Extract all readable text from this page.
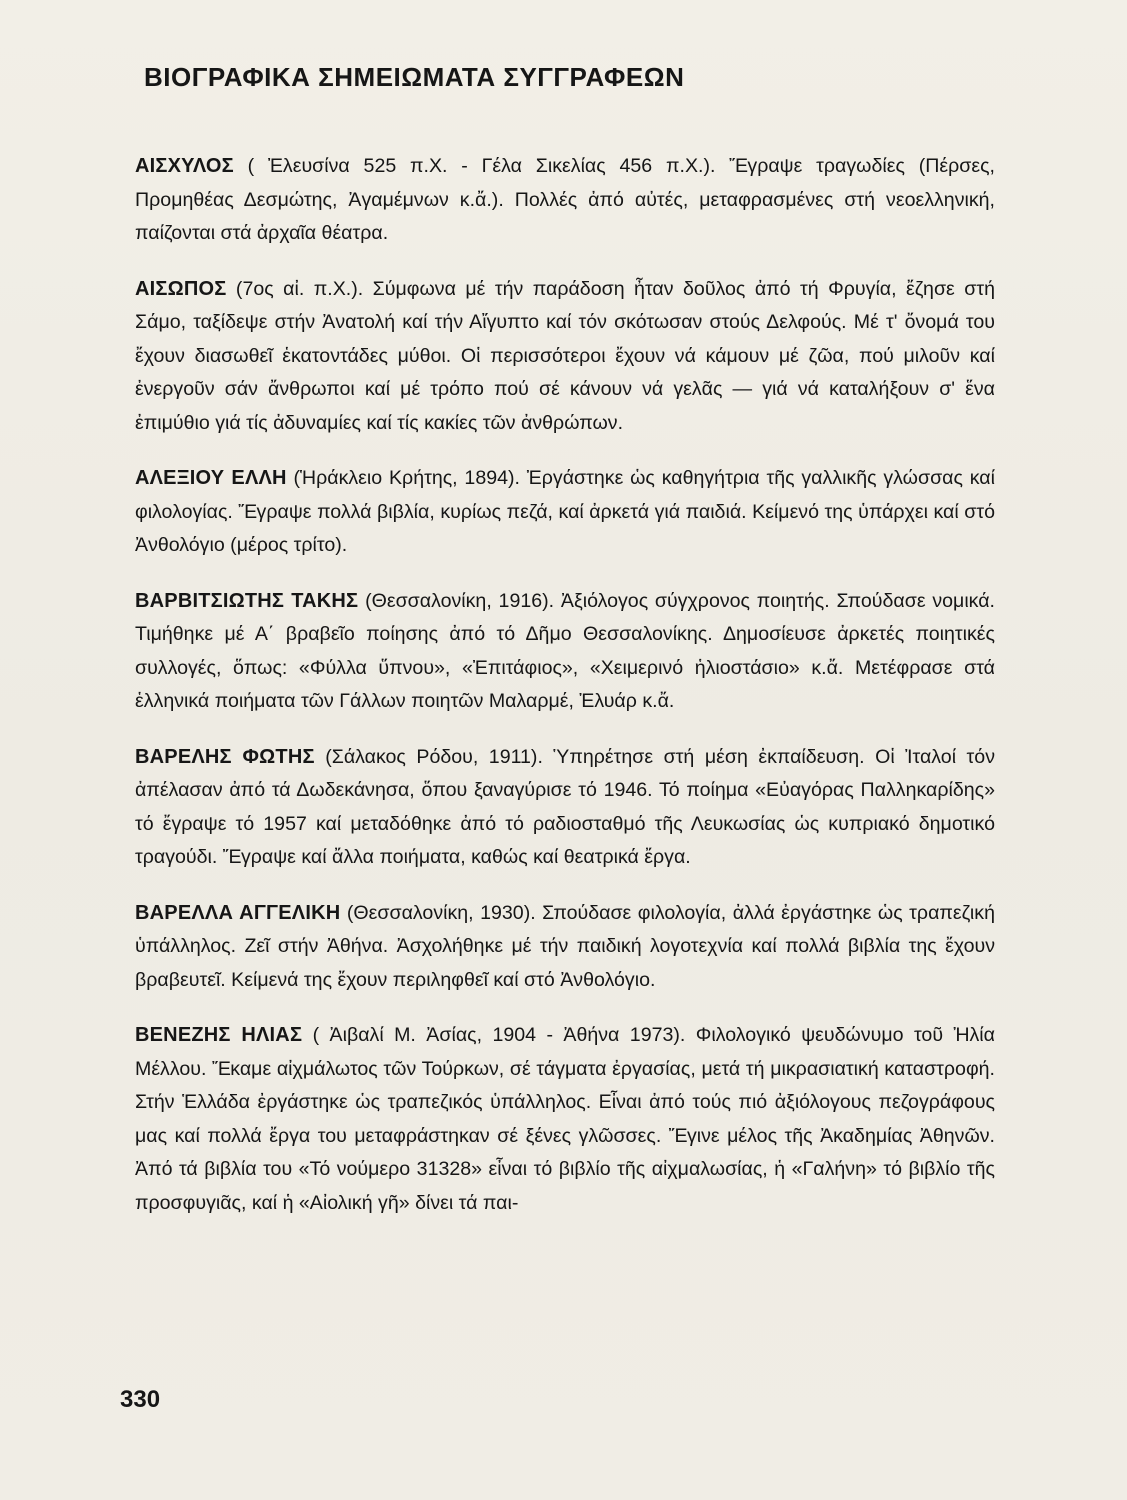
ΒΙΟΓΡΑΦΙΚΑ ΣΗΜΕΙΩΜΑΤΑ ΣΥΓΓΡΑΦΕΩΝ

ΑΙΣΧΥΛΟΣ ( Ἐλευσίνα 525 π.Χ. - Γέλα Σικελίας 456 π.Χ.). Ἔγραψε τραγωδίες (Πέρσες, Προμηθέας Δεσμώτης, Ἀγαμέμνων κ.ἄ.). Πολλές ἀπό αὐτές, μεταφρασμένες στή νεοελληνική, παίζονται στά ἀρχαῖα θέατρα.

ΑΙΣΩΠΟΣ (7ος αἰ. π.Χ.). Σύμφωνα μέ τήν παράδοση ἦταν δοῦλος ἀπό τή Φρυγία, ἔζησε στή Σάμο, ταξίδεψε στήν Ἀνατολή καί τήν Αἴγυπτο καί τόν σκότωσαν στούς Δελφούς. Μέ τ' ὄνομά του ἔχουν διασωθεῖ ἑκατοντάδες μύθοι. Οἱ περισσότεροι ἔχουν νά κάμουν μέ ζῶα, πού μιλοῦν καί ἐνεργοῦν σάν ἄνθρωποι καί μέ τρόπο πού σέ κάνουν νά γελᾶς — γιά νά καταλήξουν σ' ἕνα ἐπιμύθιο γιά τίς ἀδυναμίες καί τίς κακίες τῶν ἀνθρώπων.

ΑΛΕΞΙΟΥ ΕΛΛΗ (Ἡράκλειο Κρήτης, 1894). Ἐργάστηκε ὡς καθηγήτρια τῆς γαλλικῆς γλώσσας καί φιλολογίας. Ἔγραψε πολλά βιβλία, κυρίως πεζά, καί ἀρκετά γιά παιδιά. Κείμενό της ὑπάρχει καί στό Ἀνθολόγιο (μέρος τρίτο).

ΒΑΡΒΙΤΣΙΩΤΗΣ ΤΑΚΗΣ (Θεσσαλονίκη, 1916). Ἀξιόλογος σύγχρονος ποιητής. Σπούδασε νομικά. Τιμήθηκε μέ Α΄ βραβεῖο ποίησης ἀπό τό Δῆμο Θεσσαλονίκης. Δημοσίευσε ἀρκετές ποιητικές συλλογές, ὅπως: «Φύλλα ὕπνου», «Ἐπιτάφιος», «Χειμερινό ἡλιοστάσιο» κ.ἄ. Μετέφρασε στά ἑλληνικά ποιήματα τῶν Γάλλων ποιητῶν Μαλαρμέ, Ἐλυάρ κ.ἄ.

ΒΑΡΕΛΗΣ ΦΩΤΗΣ (Σάλακος Ρόδου, 1911). Ὑπηρέτησε στή μέση ἐκπαίδευση. Οἱ Ἰταλοί τόν ἀπέλασαν ἀπό τά Δωδεκάνησα, ὅπου ξαναγύρισε τό 1946. Τό ποίημα «Εὐαγόρας Παλληκαρίδης» τό ἔγραψε τό 1957 καί μεταδόθηκε ἀπό τό ραδιοσταθμό τῆς Λευκωσίας ὡς κυπριακό δημοτικό τραγούδι. Ἔγραψε καί ἄλλα ποιήματα, καθώς καί θεατρικά ἔργα.

ΒΑΡΕΛΛΑ ΑΓΓΕΛΙΚΗ (Θεσσαλονίκη, 1930). Σπούδασε φιλολογία, ἀλλά ἐργάστηκε ὡς τραπεζική ὑπάλληλος. Ζεῖ στήν Ἀθήνα. Ἀσχολήθηκε μέ τήν παιδική λογοτεχνία καί πολλά βιβλία της ἔχουν βραβευτεῖ. Κείμενά της ἔχουν περιληφθεῖ καί στό Ἀνθολόγιο.

ΒΕΝΕΖΗΣ ΗΛΙΑΣ ( Ἀιβαλί Μ. Ἀσίας, 1904 - Ἀθήνα 1973). Φιλολογικό ψευδώνυμο τοῦ Ἠλία Μέλλου. Ἔκαμε αἰχμάλωτος τῶν Τούρκων, σέ τάγματα ἐργασίας, μετά τή μικρασιατική καταστροφή. Στήν Ἑλλάδα ἐργάστηκε ὡς τραπεζικός ὑπάλληλος. Εἶναι ἀπό τούς πιό ἀξιόλογους πεζογράφους μας καί πολλά ἔργα του μεταφράστηκαν σέ ξένες γλῶσσες. Ἔγινε μέλος τῆς Ἀκαδημίας Ἀθηνῶν. Ἀπό τά βιβλία του «Τό νούμερο 31328» εἶναι τό βιβλίο τῆς αἰχμαλωσίας, ἡ «Γαλήνη» τό βιβλίο τῆς προσφυγιᾶς, καί ἡ «Αἰολική γῆ» δίνει τά παι-

330
